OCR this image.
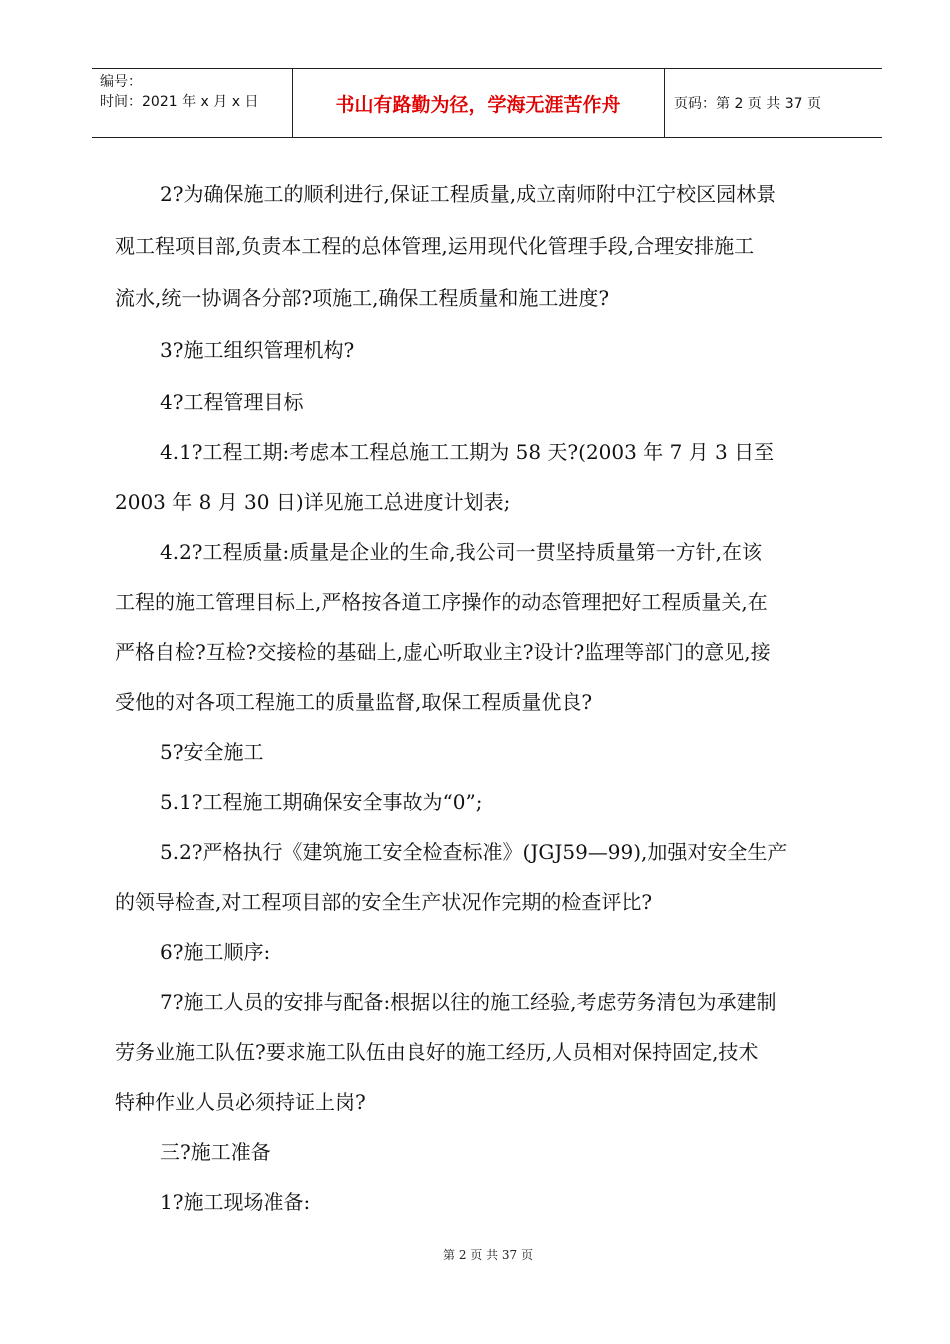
编号：
时间：2021 年 x 月 x 日	书山有路勤为径，学海无涯苦作舟	页码：第 2 页 共 37 页
2?为确保施工的顺利进行,保证工程质量,成立南师附中江宁校区园林景
观工程项目部,负责本工程的总体管理,运用现代化管理手段,合理安排施工
流水,统一协调各分部?项施工,确保工程质量和施工进度?
3?施工组织管理机构?
4?工程管理目标
4.1?工程工期:考虑本工程总施工工期为 58 天?(2003 年 7 月 3 日至
2003 年 8 月 30 日)详见施工总进度计划表;
4.2?工程质量:质量是企业的生命,我公司一贯坚持质量第一方针,在该
工程的施工管理目标上,严格按各道工序操作的动态管理把好工程质量关,在
严格自检?互检?交接检的基础上,虚心听取业主?设计?监理等部门的意见,接
受他的对各项工程施工的质量监督,取保工程质量优良?
5?安全施工
5.1?工程施工期确保安全事故为“0”;
5.2?严格执行《建筑施工安全检查标准》(JGJ59—99),加强对安全生产
的领导检查,对工程项目部的安全生产状况作完期的检查评比?
6?施工顺序:
7?施工人员的安排与配备:根据以往的施工经验,考虑劳务清包为承建制
劳务业施工队伍?要求施工队伍由良好的施工经历,人员相对保持固定,技术
特种作业人员必须持证上岗?
三?施工准备
1?施工现场准备:
第 2 页 共 37 页
